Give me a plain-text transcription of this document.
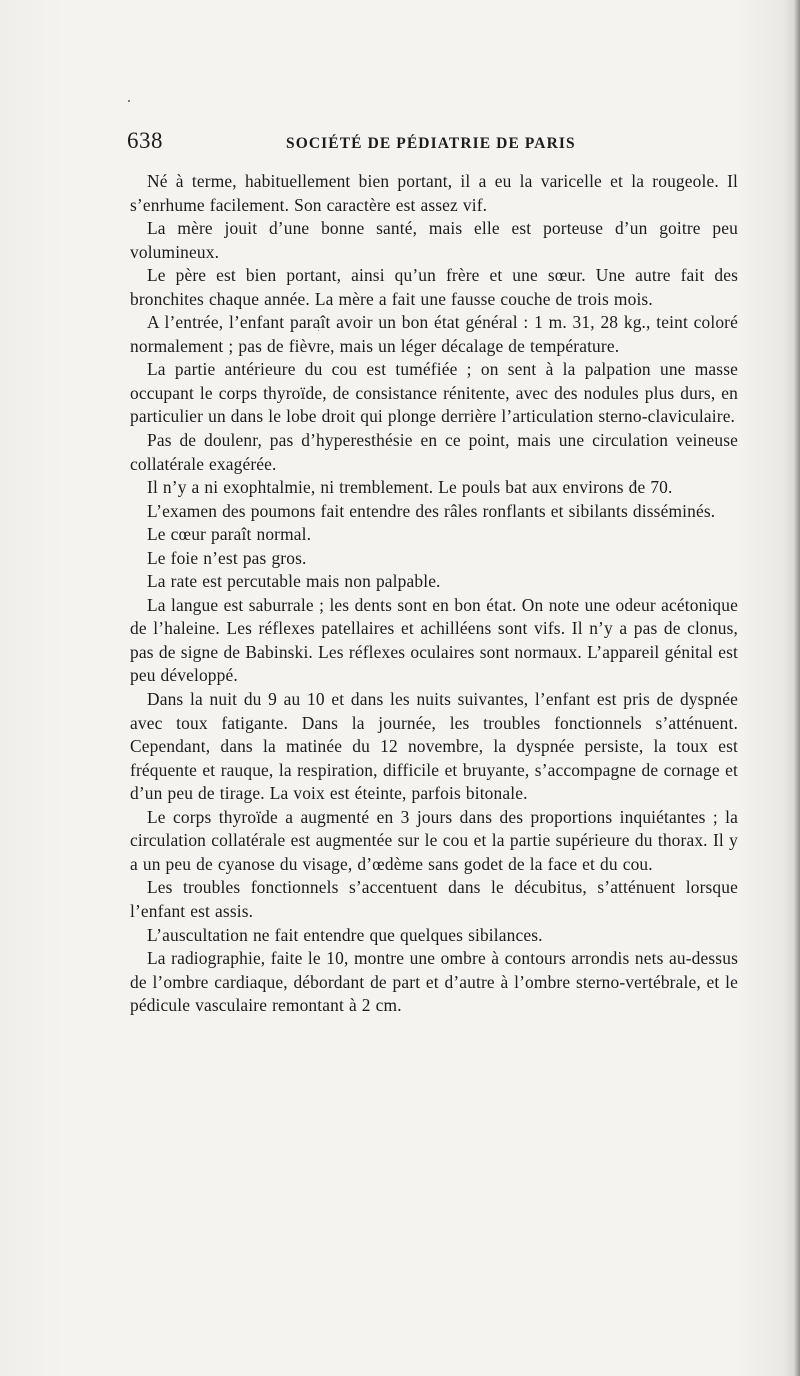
638	SOCIÉTÉ DE PÉDIATRIE DE PARIS

Né à terme, habituellement bien portant, il a eu la varicelle et la rougeole. Il s’enrhume facilement. Son caractère est assez vif.

La mère jouit d’une bonne santé, mais elle est porteuse d’un goitre peu volumineux.

Le père est bien portant, ainsi qu’un frère et une sœur. Une autre fait des bronchites chaque année. La mère a fait une fausse couche de trois mois.

A l’entrée, l’enfant paraît avoir un bon état général : 1 m. 31, 28 kg., teint coloré normalement ; pas de fièvre, mais un léger décalage de température.

La partie antérieure du cou est tuméfiée ; on sent à la palpation une masse occupant le corps thyroïde, de consistance rénitente, avec des nodules plus durs, en particulier un dans le lobe droit qui plonge derrière l’articulation sterno-claviculaire.

Pas de doulenr, pas d’hyperesthésie en ce point, mais une circulation veineuse collatérale exagérée.

Il n’y a ni exophtalmie, ni tremblement. Le pouls bat aux environs de 70.

L’examen des poumons fait entendre des râles ronflants et sibilants disséminés.

Le cœur paraît normal.

Le foie n’est pas gros.

La rate est percutable mais non palpable.

La langue est saburrale ; les dents sont en bon état. On note une odeur acétonique de l’haleine. Les réflexes patellaires et achilléens sont vifs. Il n’y a pas de clonus, pas de signe de Babinski. Les réflexes oculaires sont normaux. L’appareil génital est peu développé.

Dans la nuit du 9 au 10 et dans les nuits suivantes, l’enfant est pris de dyspnée avec toux fatigante. Dans la journée, les troubles fonctionnels s’atténuent. Cependant, dans la matinée du 12 novembre, la dyspnée persiste, la toux est fréquente et rauque, la respiration, difficile et bruyante, s’accompagne de cornage et d’un peu de tirage. La voix est éteinte, parfois bitonale.

Le corps thyroïde a augmenté en 3 jours dans des proportions inquiétantes ; la circulation collatérale est augmentée sur le cou et la partie supérieure du thorax. Il y a un peu de cyanose du visage, d’œdème sans godet de la face et du cou.

Les troubles fonctionnels s’accentuent dans le décubitus, s’atténuent lorsque l’enfant est assis.

L’auscultation ne fait entendre que quelques sibilances.

La radiographie, faite le 10, montre une ombre à contours arrondis nets au-dessus de l’ombre cardiaque, débordant de part et d’autre à l’ombre sterno-vertébrale, et le pédicule vasculaire remontant à 2 cm.
